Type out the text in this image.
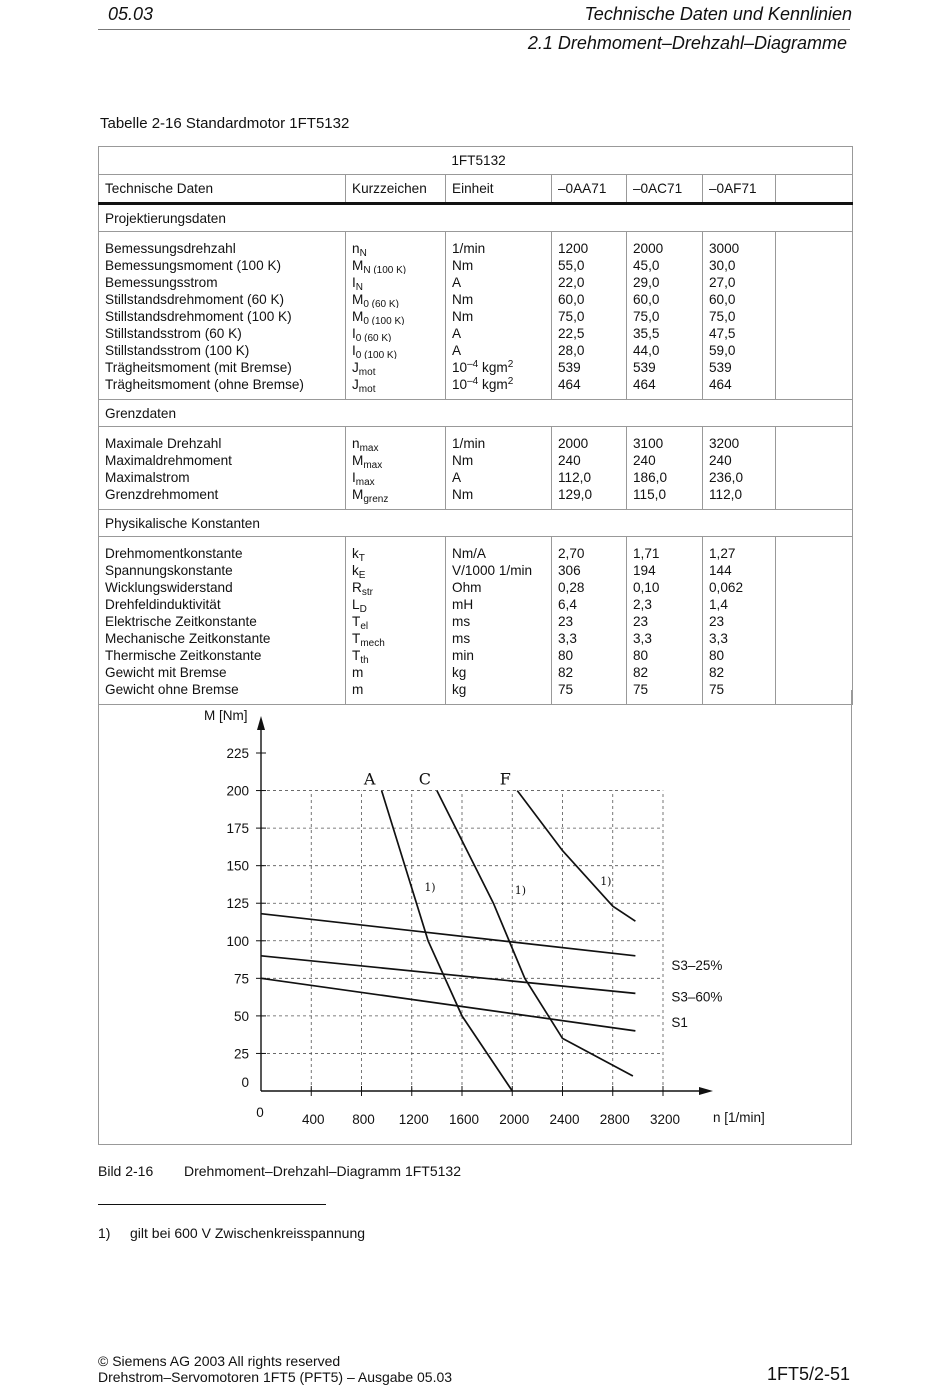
05.03	Technische Daten und Kennlinien
2.1 Drehmoment–Drehzahl–Diagramme
Tabelle 2-16 Standardmotor 1FT5132
1FT5132						
Technische Daten	Kurzzeichen	Einheit	–0AA71	–0AC71	–0AF71	
Projektierungsdaten						
Bemessungsdrehzahl	$n_N$	1/min	1200	2000	3000	
Bemessungsmoment (100 K)	$M_{N (100 K)}$	Nm	55,0	45,0	30,0	
Bemessungsstrom	$I_N$	A	22,0	29,0	27,0	
Stillstandsdrehmoment (60 K)	$M_{0 (60 K)}$	Nm	60,0	60,0	60,0	
Stillstandsdrehmoment (100 K)	$M_{0 (100 K)}$	Nm	75,0	75,0	75,0	
Stillstandsstrom (60 K)	$I_{0 (60 K)}$	A	22,5	35,5	47,5	
Stillstandsstrom (100 K)	$I_{0 (100 K)}$	A	28,0	44,0	59,0	
Trägheitsmoment (mit Bremse)	$J_{mot}$	$10^{-4}$ kgm$^2$	539	539	539	
Trägheitsmoment (ohne Bremse)	$J_{mot}$	$10^{-4}$ kgm$^2$	464	464	464	
Grenzdaten						
Maximale Drehzahl	$n_{max}$	1/min	2000	3100	3200	
Maximaldrehmoment	$M_{max}$	Nm	240	240	240	
Maximalstrom	$I_{max}$	A	112,0	186,0	236,0	
Grenzdrehmoment	$M_{grenz}$	Nm	129,0	115,0	112,0	
Physikalische Konstanten						
Drehmomentkonstante	$k_T$	Nm/A	2,70	1,71	1,27	
Spannungskonstante	$k_E$	V/1000 1/min	306	194	144	
Wicklungswiderstand	$R_{str}$	Ohm	0,28	0,10	0,062	
Drehfeldinduktivität	$L_D$	mH	6,4	2,3	1,4	
Elektrische Zeitkonstante	$T_{el}$	ms	23	23	23	
Mechanische Zeitkonstante	$T_{mech}$	ms	3,3	3,3	3,3	
Thermische Zeitkonstante	$T_{th}$	min	80	80	80	
Gewicht mit Bremse	m	kg	82	82	82	
Gewicht ohne Bremse	m	kg	75	75	75	
0
25
50
75
100
125
150
175
200
225
0	400 800 1200 1600 2000 2400 2800 3200
M [Nm]
n [1/min]
A	C	F
S3–25%
S3–60%
S1
1)	1)
1)
Bild 2-16 Drehmoment–Drehzahl–Diagramm 1FT5132
1) gilt bei 600 V Zwischenkreisspannung
© Siemens AG 2003 All rights reserved
Drehstrom–Servomotoren 1FT5 (PFT5) – Ausgabe 05.03	1FT5/2-51
